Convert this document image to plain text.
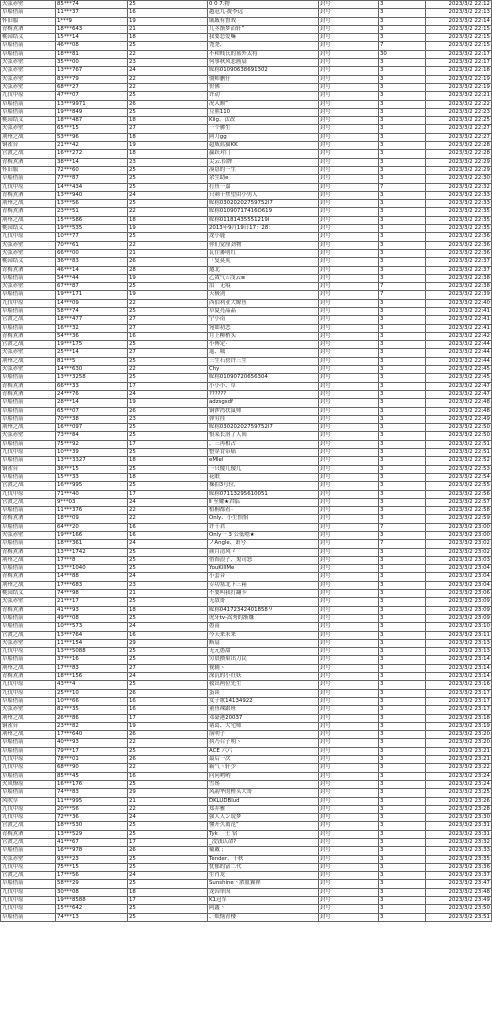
火弦赤壁	85***74	25	0 0 7.物	封号	3	2023/3/2 22:12
草船借箭	11***37	16	越冠九·拢李远	封号	3	2023/3/2 22:13
怀旧服	1***9	19	戚戚有鲁戏	封号	3	2023/3/2 22:14
青梅煮酒	18***643	21	儿茎渐梦而轩”	封号	3	2023/3/2 22:15
桃园结义	15***14	18	我要恋爱嘛	封号	3	2023/3/2 22:15
草船借箭	46***08	25	尧尧、	封号	7	2023/3/2 22:15
草船借箭	18***81	22	不和贱氏的墓外太将	封号	30	2023/3/2 22:17
火弦赤壁	35***00	23	何事秋风悲画扇	封号	3	2023/3/2 22:17
火弦赤壁	13***767	24	昵称01090638691302	封号	3	2023/3/2 22:18
火弦赤壁	83***79	22	僵师删仔	封号	3	2023/3/2 22:19
火弦赤壁	68***27	22	价佛	封号	3	2023/3/2 22:19
九伐中原	47***07	25	许动	封号	3	2023/3/2 22:21
草船借箭	13***9971	26	况入颓”	封号	3	2023/3/2 22:22
草船借箭	19***849	25	豆熊110	封号	3	2023/3/2 22:23
桃园结义	18***487	18	Kilg、汰改	封号	3	2023/3/2 22:25
火弦赤壁	65***15	27	一个骡生	封号	3	2023/3/2 22:27
荆州之战	53***96	18	阿刀gg	封号	3	2023/3/2 22:27
铜雀台	21***42	19	超威蓝猫KK	封号	3	2023/3/2 22:28
官渡之战	16***272	18	赢跃对门	封号	3	2023/3/2 22:28
青梅煮酒	38***14	23	尖云.招牌	封号	3	2023/3/2 22:29
怀旧服	72***60	25	凑恳的一生	封号	3	2023/3/2 22:29
草船借箭	77***87	25	余生助e	封号	3	2023/3/2 22:30
九伐中原	14***434	25	打鱼一嘉	封号	7	2023/3/2 22:32
青梅煮酒	13***940	24	只刺千焦望由小男人	封号	3	2023/3/2 22:33
荆州之战	13***56	25	昵称03020202759752I7	封号	3	2023/3/2 22:33
青梅煮酒	23***51	22	昵称01090717416O619	封号	3	2023/3/2 22:35
荆州之战	15***586	18	昵称01181435551219I	封号	3	2023/3/2 22:35
桃园结义	19***535	19	2013年9月19日17：28：	封号	3	2023/3/2 22:35
九伐中原	10***77	25	龙小鹿	封号	3	2023/3/2 22:36
火弦赤壁	70***61	22	你们觉厘劲物	封号	3	2023/3/2 22:36
火弦赤壁	66***00	21	瓦往蕃明红	封号	3	2023/3/2 22:36
桃园结义	36***83	26	「复莫荚	封号	3	2023/3/2 22:37
青梅煮酒	46***14	28	邀北゛゛	封号	3	2023/3/2 22:37
草船借箭	54***44	19	乙敛气☆浅云≡	封号	3	2023/3/2 22:38
火弦赤壁	67***87	25	泪゛无痕	封号	7	2023/3/2 22:38
草船借箭	19***171	19	天极剑	封号	7	2023/3/2 22:39
九伐中原	14***09	22	西伯利亚大鲸鱼	封号	3	2023/3/2 22:40
草船借箭	58***74	25	草夏亮晶晶	封号	3	2023/3/2 22:41
官渡之战	18***477	27	宁小南	封号	3	2023/3/2 22:41
草船借箭	16***32	27	宛如初恋	封号	3	2023/3/2 22:41
青梅煮酒	54***36	16	月上柳梢头	封号	3	2023/3/2 22:42
官渡之战	19***175	25	小傅定٠	封号	3	2023/3/2 22:44
火弦赤壁	25***14	27	遥、城	封号	3	2023/3/2 22:44
荆州之战	81***5	25	三生石傍许三生	封号	3	2023/3/2 22:44
火弦赤壁	14***630	22	Chy	封号	3	2023/3/2 22:45
草船借箭	13***3258	25	昵称01090720656304	封号	3	2023/3/2 22:45
青梅煮酒	66***33	17	小小小、草	封号	3	2023/3/2 22:47
青梅煮酒	24***76	24	??????	封号	3	2023/3/2 22:47
草船借箭	28***14	19	adzsgsdf	封号	3	2023/3/2 22:48
草船借箭	65***07	26	铜锣湾扶鼠帅	封号	3	2023/3/2 22:48
草船借箭	70***38	23	弹穷挂	封号	3	2023/3/2 22:49
荆州之战	16***097	25	昵称03020202759752I7	封号	3	2023/3/2 22:50
火弦赤壁	73***84	25	恨某长溶了人间	封号	3	2023/3/2 22:50
草船借箭	75***92	17	、三再相占	封号	3	2023/3/2 22:51
九伐中原	10***39	25	整穿背带痛゛	封号	3	2023/3/2 22:51
草船借箭	13***3327	18	eMlel	封号	3	2023/3/2 22:52
铜雀台	36***15	25	一只傻儿傻儿	封号	3	2023/3/2 22:53
草船借箭	15***33	18	花眠	封号	3	2023/3/2 22:54
官渡之战	16***995	25	操拍3号位,	封号	3	2023/3/2 22:55
九伐中原	71***40	17	昵称07113295610051	封号	3	2023/3/2 22:56
官渡之战	9***03	24	Ⅱ 至耀★君临゛	封号	3	2023/3/2 22:57
草船借箭	11***376	22	植桐都看٠	封号	3	2023/3/2 22:58
青梅煮酒	18***09	22	Only、小生怡怡	封号	3	2023/3/2 22:59
草船借箭	64***20	16	许千君	封号	7	2023/3/2 23:00
火弦赤壁	19***166	16	Only一 3 公低嗯★	封号	3	2023/3/2 23:00
草船借箭	18***361	24	ノAngle、萧兮	封号	7	2023/3/2 23:02
青梅煮酒	13***1742	25	颜月清风ゞ	封号	3	2023/3/2 23:02
荆州之战	17***8	25	借饰浪子、鬼司怒	封号	3	2023/3/2 23:03
草船借箭	13***1040	25	YouKillMe	封号	3	2023/3/2 23:04
青梅煮酒	14***88	24	小套音	封号	3	2023/3/2 23:04
荆州之战	17***683	23	专功塞北下三箱	封号	3	2023/3/2 23:04
桃园结义	74***98	21	不要叫我打翻卡	封号	3	2023/3/2 23:06
火弦赤壁	21***17	25	无敌哥	封号	3	2023/3/2 23:09
青梅煮酒	41***93	18	昵称04172342401858９	封号	3	2023/3/2 23:09
草船借箭	49***08	25	虎牙tv-嵩秀的渐嫌	封号	3	2023/3/2 23:09
草船借箭	10***573	24	愚南	封号	3	2023/3/2 23:10
官渡之战	13***764	16	今天来未来	封号	3	2023/3/2 23:11
火弦赤壁	11***154	29	断扇	封号	3	2023/3/2 23:13
九伐中原	13***5088	25	无元愚甜	封号	3	2023/3/2 23:13
草船借箭	37***16	25	穷晨攒巢出刀民	封号	3	2023/3/2 23:14
荆州之战	17***83	27	视辅ヽ	封号	3	2023/3/2 23:14
青梅煮酒	18***156	24	深沉的小灶妖	封号	3	2023/3/2 23:14
九伐中原	43***4	25	救出两位先生	封号	3	2023/3/2 23:16
九伐中原	25***10	26	蛋谈	封号	3	2023/3/2 23:17
草船借箭	10***66	16	女子歌14134922	封号	3	2023/3/2 23:17
火弦赤壁	82***35	16	董鱼裸跟班	封号	3	2023/3/2 23:17
荆州之战	26***86	17	邓豪港20037	封号	3	2023/3/2 23:18
铜雀台	23***82	19	诸葛、大宅师	封号	3	2023/3/2 23:19
荆州之战	17***640	26	演明子゛	封号	3	2023/3/2 23:20
草船借箭	40***93	22	执乃召子明ヽ	封号	3	2023/3/2 23:20
草船借箭	79***17	25	ACE 六六	封号	3	2023/3/2 23:21
九伐中原	78***01	26	最后一次	封号	3	2023/3/2 23:21
九伐中原	68***90	22	霸气丶轩少	封号	3	2023/3/2 23:22
草船借箭	85***45	16	问问哟哟	封号	3	2023/3/2 23:24
火凤燎原	16***176	25	雪殇	封号	3	2023/3/2 23:24
草船借箭	74***83	29	风韵华的橙头大哥	封号	3	2023/3/2 23:25
风吹草	11***995	21	DKLUDBlud	封号	3	2023/3/2 23:26
九伐中原	20***56	22	郑乔雅	封号	3	2023/3/2 23:28
九伐中原	72***36	24	强人人ン说梦	封号	3	2023/3/2 23:30
官渡之战	18***530	25	懂开久离范”	封号	3	2023/3/2 23:31
青梅煮酒	13***529	25	Tyk゛ 士 宿	封号	3	2023/3/2 23:31
官渡之战	41***67	17	_没钱认命?	封号	3	2023/3/2 23:32
草船借箭	16***978	26	戴戴 ;	封号	3	2023/3/2 23:33
火弦赤壁	93***23	25	Tender、千秋	封号	3	2023/3/2 23:35
九伐中原	75***15	25	忧郁的富二代	封号	3	2023/3/2 23:36
官渡之战	17***56	24	生肖龙	封号	3	2023/3/2 23:37
草船借箭	58***29	25	Sunshine丶浓血翼禅	封号	3	2023/3/2 23:47
九伐中原	30***08	18	龙囚单因	封号	3	2023/3/2 23:48
九伐中原	19***8588	17	K1冠军	封号	3	2023/3/2 23:49
九伐中原	15***642	25	阿鑫丶	封号	3	2023/3/2 23:50
草船借箭	74***13	25	、烦恼青楼	封号	3	2023/3/2 23:51
